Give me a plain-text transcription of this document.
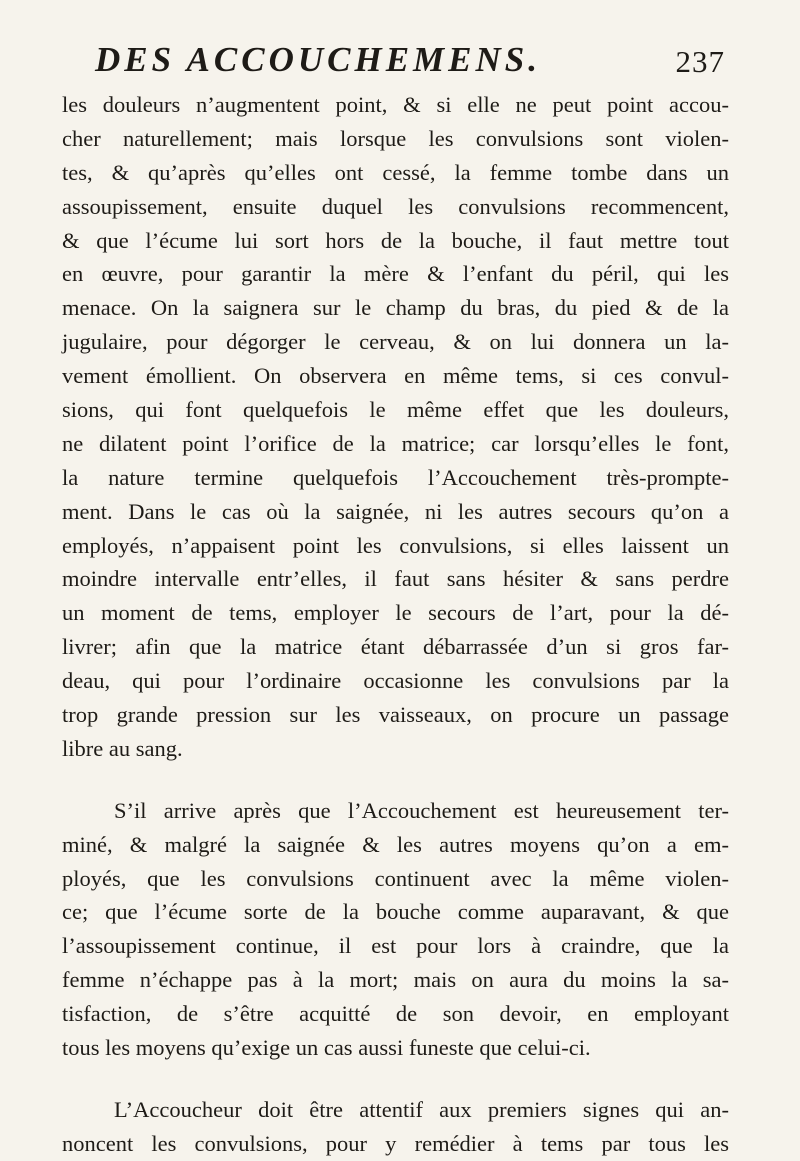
DES ACCOUCHEMENS.	237
les douleurs n’augmentent point, & si elle ne peut point accou-
cher naturellement; mais lorsque les convulsions sont violen-
tes, & qu’après qu’elles ont cessé, la femme tombe dans un
assoupissement, ensuite duquel les convulsions recommencent,
& que l’écume lui sort hors de la bouche, il faut mettre tout
en œuvre, pour garantir la mère & l’enfant du péril, qui les
menace. On la saignera sur le champ du bras, du pied & de la
jugulaire, pour dégorger le cerveau, & on lui donnera un la-
vement émollient. On observera en même tems, si ces convul-
sions, qui font quelquefois le même effet que les douleurs,
ne dilatent point l’orifice de la matrice; car lorsqu’elles le font,
la nature termine quelquefois l’Accouchement très-prompte-
ment. Dans le cas où la saignée, ni les autres secours qu’on a
employés, n’appaisent point les convulsions, si elles laissent un
moindre intervalle entr’elles, il faut sans hésiter & sans perdre
un moment de tems, employer le secours de l’art, pour la dé-
livrer; afin que la matrice étant débarrassée d’un si gros far-
deau, qui pour l’ordinaire occasionne les convulsions par la
trop grande pression sur les vaisseaux, on procure un passage
libre au sang.
S’il arrive après que l’Accouchement est heureusement ter-
miné, & malgré la saignée & les autres moyens qu’on a em-
ployés, que les convulsions continuent avec la même violen-
ce; que l’écume sorte de la bouche comme auparavant, & que
l’assoupissement continue, il est pour lors à craindre, que la
femme n’échappe pas à la mort; mais on aura du moins la sa-
tisfaction, de s’être acquitté de son devoir, en employant
tous les moyens qu’exige un cas aussi funeste que celui-ci.
L’Accoucheur doit être attentif aux premiers signes qui an-
noncent les convulsions, pour y remédier à tems par tous les
